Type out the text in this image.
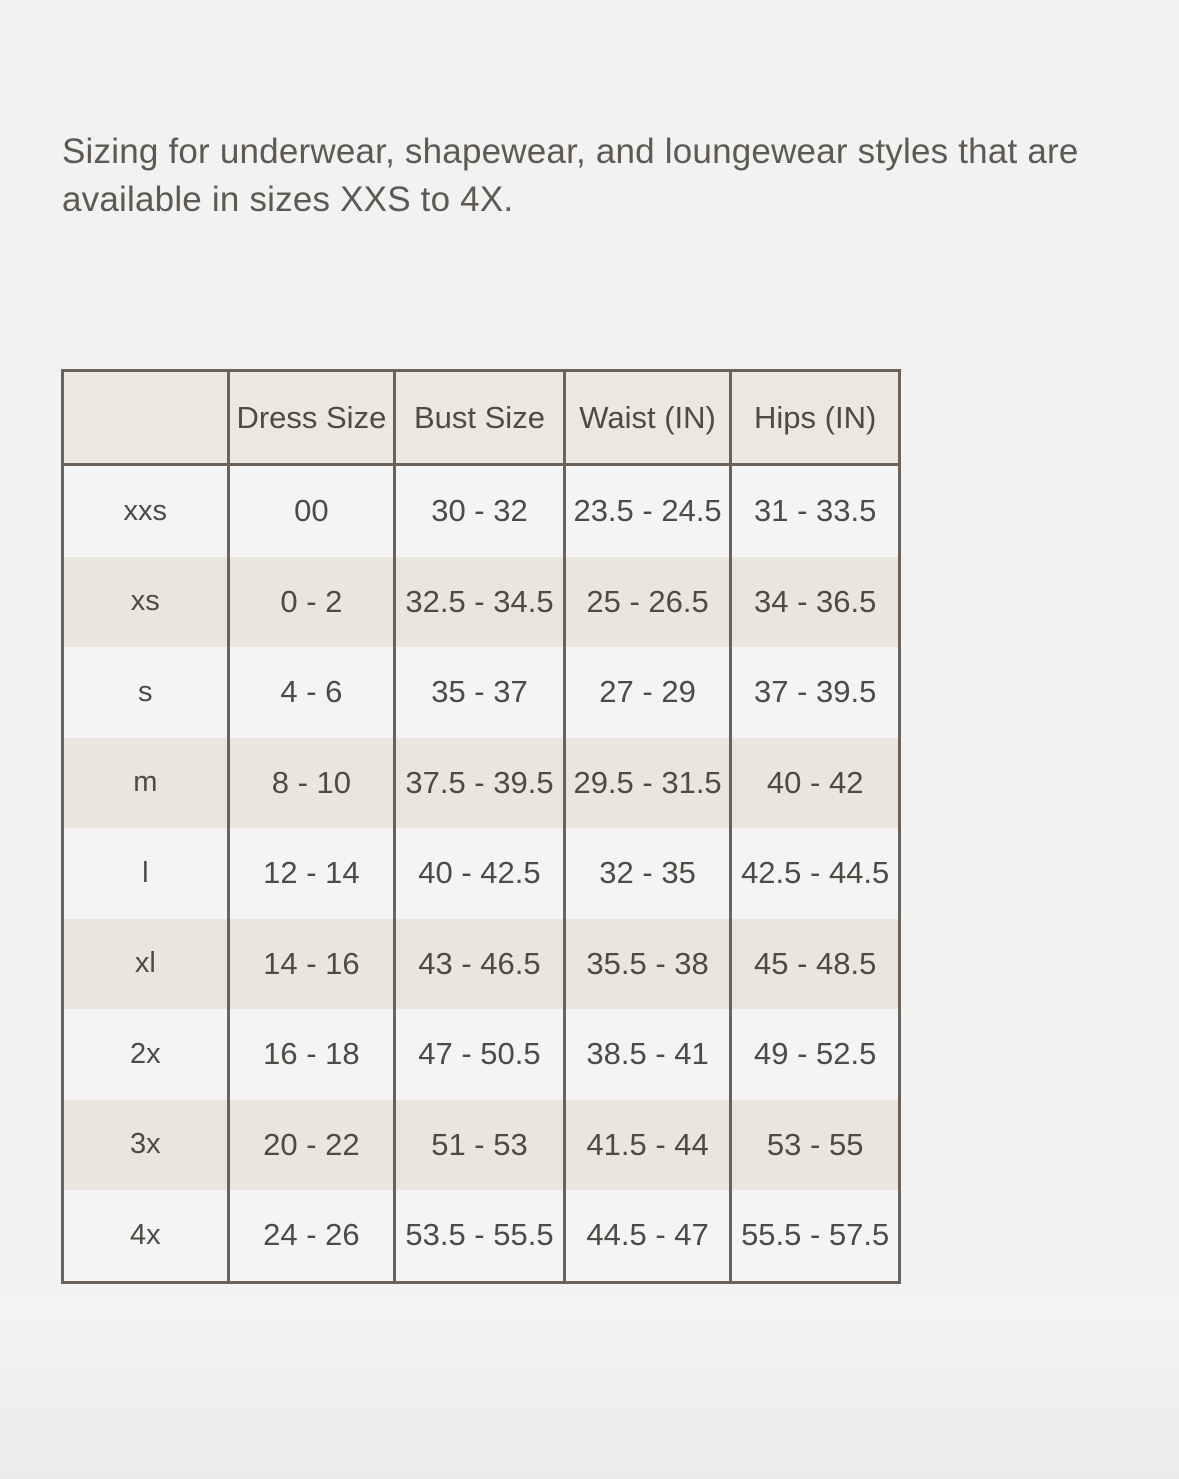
Sizing for underwear, shapewear, and loungewear styles that are available in sizes XXS to 4X.

	Dress Size	Bust Size	Waist (IN)	Hips (IN)
xxs	00	30 - 32	23.5 - 24.5	31 - 33.5
xs	0 - 2	32.5 - 34.5	25 - 26.5	34 - 36.5
s	4 - 6	35 - 37	27 - 29	37 - 39.5
m	8 - 10	37.5 - 39.5	29.5 - 31.5	40 - 42
l	12 - 14	40 - 42.5	32 - 35	42.5 - 44.5
xl	14 - 16	43 - 46.5	35.5 - 38	45 - 48.5
2x	16 - 18	47 - 50.5	38.5 - 41	49 - 52.5
3x	20 - 22	51 - 53	41.5 - 44	53 - 55
4x	24 - 26	53.5 - 55.5	44.5 - 47	55.5 - 57.5
